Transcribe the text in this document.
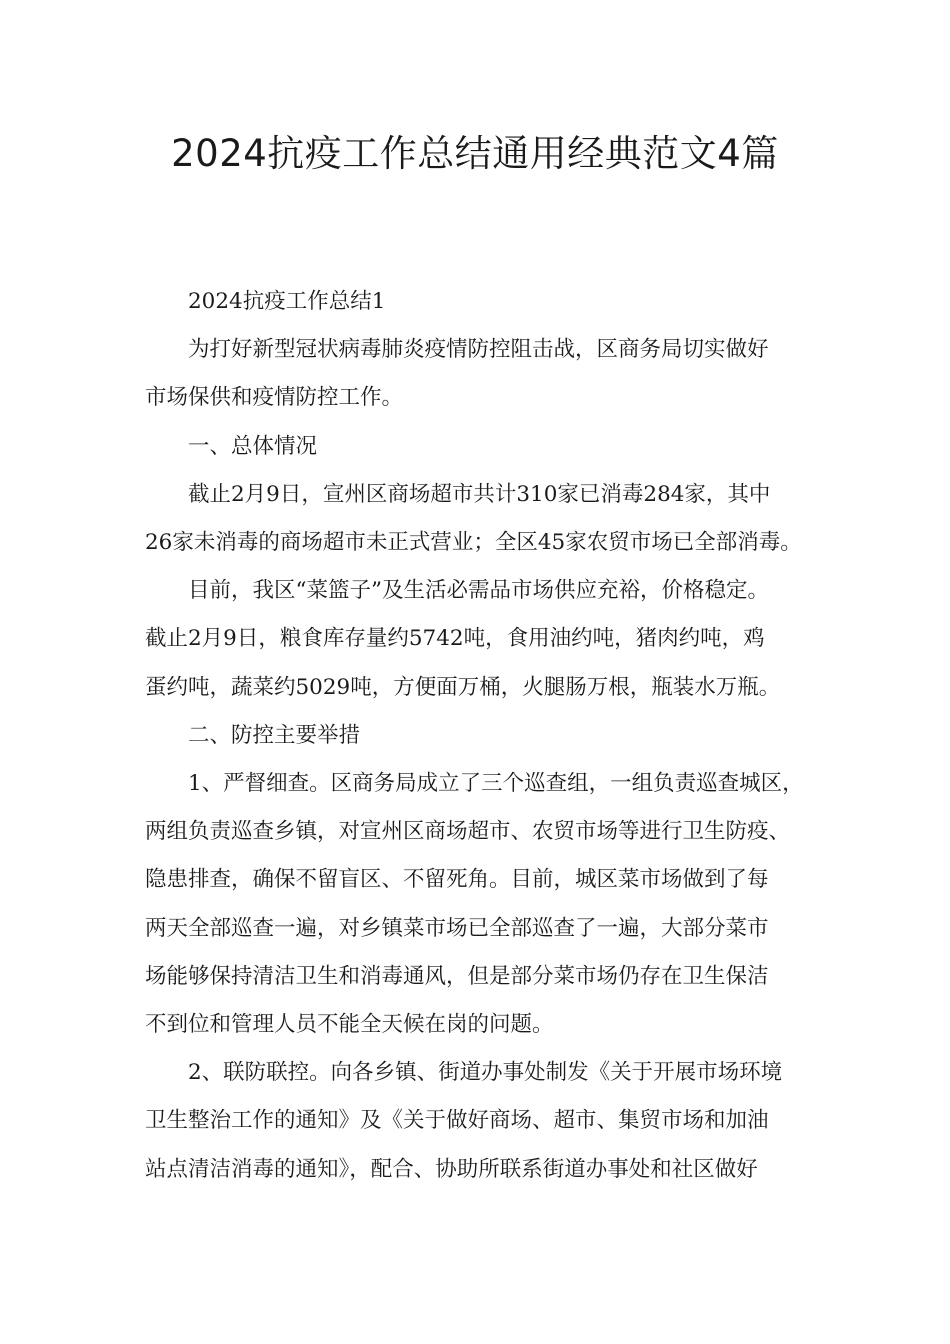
2024抗疫工作总结通用经典范文4篇
2024抗疫工作总结1
为打好新型冠状病毒肺炎疫情防控阻击战，区商务局切实做好
市场保供和疫情防控工作。
一、总体情况
截止2月9日，宣州区商场超市共计310家已消毒284家，其中
26家未消毒的商场超市未正式营业；全区45家农贸市场已全部消毒。
目前，我区“菜篮子”及生活必需品市场供应充裕，价格稳定。
截止2月9日，粮食库存量约5742吨，食用油约吨，猪肉约吨，鸡
蛋约吨，蔬菜约5029吨，方便面万桶，火腿肠万根，瓶装水万瓶。
二、防控主要举措
1、严督细查。区商务局成立了三个巡查组，一组负责巡查城区，
两组负责巡查乡镇，对宣州区商场超市、农贸市场等进行卫生防疫、
隐患排查，确保不留盲区、不留死角。目前，城区菜市场做到了每
两天全部巡查一遍，对乡镇菜市场已全部巡查了一遍，大部分菜市
场能够保持清洁卫生和消毒通风，但是部分菜市场仍存在卫生保洁
不到位和管理人员不能全天候在岗的问题。
2、联防联控。向各乡镇、街道办事处制发《关于开展市场环境
卫生整治工作的通知》及《关于做好商场、超市、集贸市场和加油
站点清洁消毒的通知》，配合、协助所联系街道办事处和社区做好
